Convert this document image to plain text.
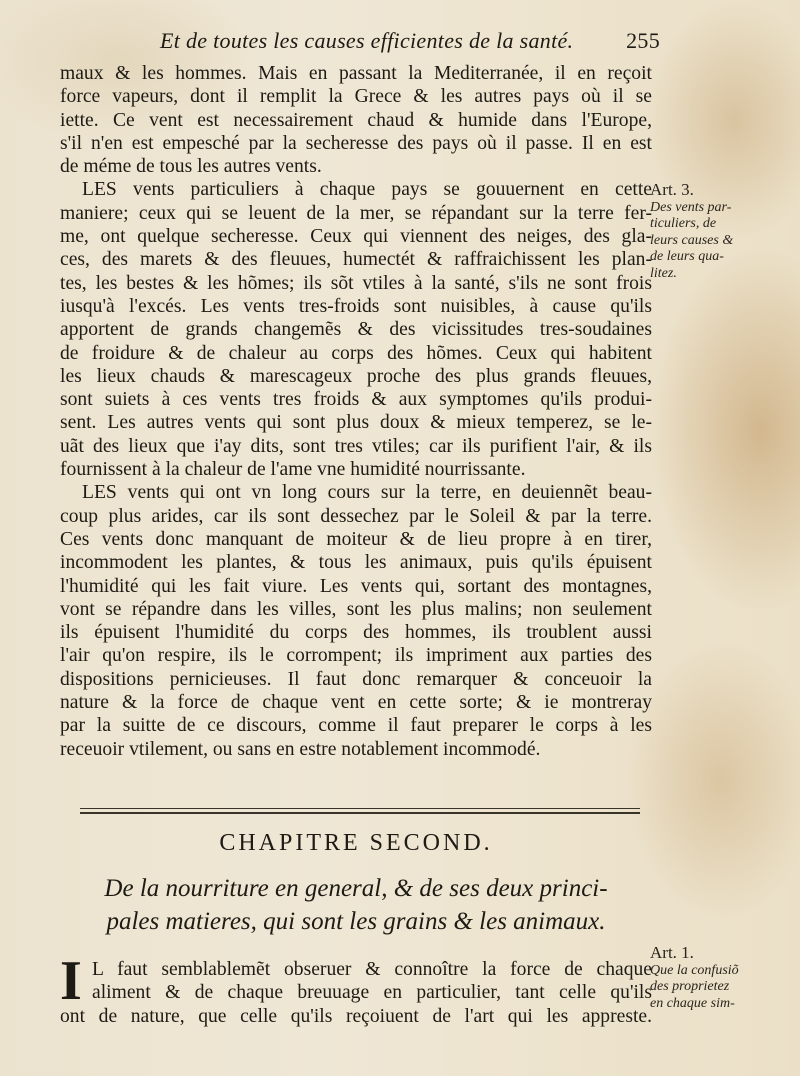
Et de toutes les causes efficientes de la santé. 255
maux & les hommes. Mais en passant la Mediterranée, il en reçoit
force vapeurs, dont il remplit la Grece & les autres pays où il se
iette. Ce vent est necessairement chaud & humide dans l'Europe,
s'il n'en est empesché par la secheresse des pays où il passe. Il en est
de méme de tous les autres vents.
LES vents particuliers à chaque pays se gouuernent en cette
maniere; ceux qui se leuent de la mer, se répandant sur la terre fer-
me, ont quelque secheresse. Ceux qui viennent des neiges, des gla-
ces, des marets & des fleuues, humectét & raffraichissent les plan-
tes, les bestes & les hõmes; ils sõt vtiles à la santé, s'ils ne sont frois
iusqu'à l'excés. Les vents tres-froids sont nuisibles, à cause qu'ils
apportent de grands changemẽs & des vicissitudes tres-soudaines
de froidure & de chaleur au corps des hõmes. Ceux qui habitent
les lieux chauds & marescageux proche des plus grands fleuues,
sont suiets à ces vents tres froids & aux symptomes qu'ils produi-
sent. Les autres vents qui sont plus doux & mieux temperez, se le-
uãt des lieux que i'ay dits, sont tres vtiles; car ils purifient l'air, & ils
fournissent à la chaleur de l'ame vne humidité nourrissante.
LES vents qui ont vn long cours sur la terre, en deuiennẽt beau-
coup plus arides, car ils sont dessechez par le Soleil & par la terre.
Ces vents donc manquant de moiteur & de lieu propre à en tirer,
incommodent les plantes, & tous les animaux, puis qu'ils épuisent
l'humidité qui les fait viure. Les vents qui, sortant des montagnes,
vont se répandre dans les villes, sont les plus malins; non seulement
ils épuisent l'humidité du corps des hommes, ils troublent aussi
l'air qu'on respire, ils le corrompent; ils impriment aux parties des
dispositions pernicieuses. Il faut donc remarquer & conceuoir la
nature & la force de chaque vent en cette sorte; & ie montreray
par la suitte de ce discours, comme il faut preparer le corps à les
receuoir vtilement, ou sans en estre notablement incommodé.
Art. 3.
Des vents par-
ticuliers, de
leurs causes &
de leurs qua-
litez.
CHAPITRE SECOND.
De la nourriture en general, & de ses deux princi-
pales matieres, qui sont les grains & les animaux.
I L faut semblablemẽt obseruer & connoître la force de chaque
aliment & de chaque breuuage en particulier, tant celle qu'ils
ont de nature, que celle qu'ils reçoiuent de l'art qui les apprestе.
Art. 1.
Que la confusiõ
des proprietez
en chaque sim-
